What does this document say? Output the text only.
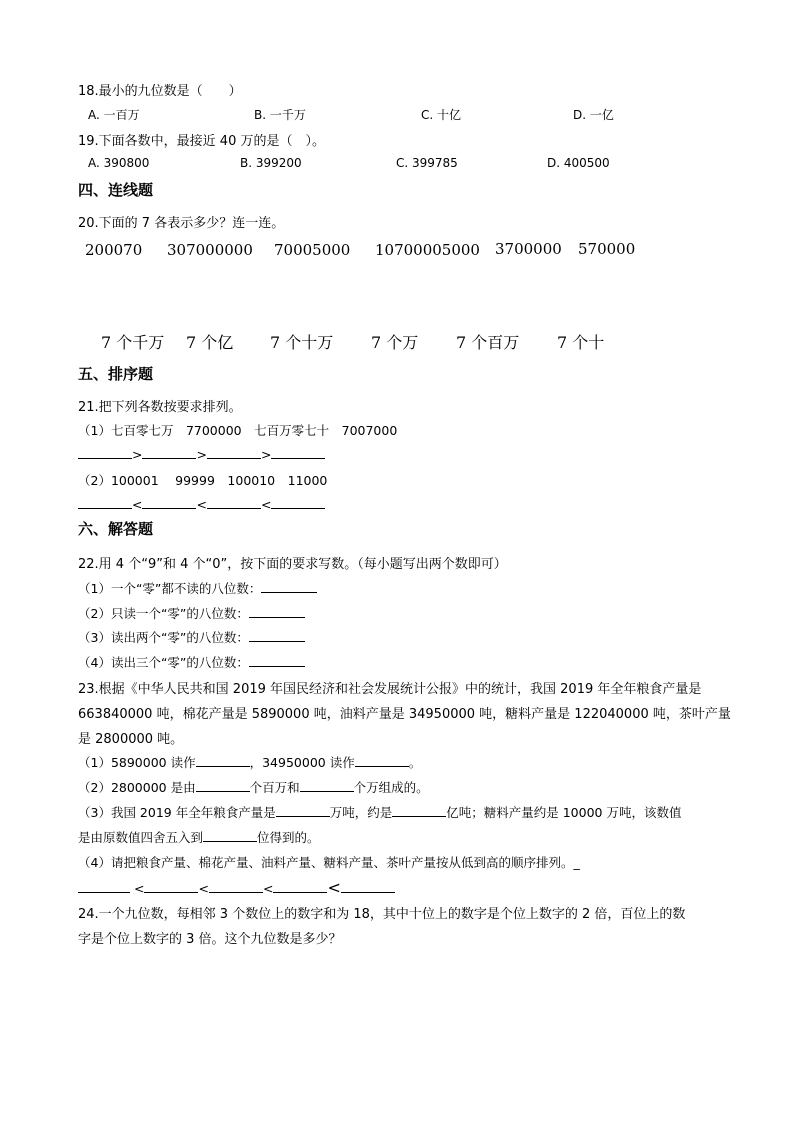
18.最小的九位数是（　　）
A. 一百万	B. 一千万	C. 十亿	D. 一亿
19.下面各数中，最接近 40 万的是（　）。
A. 390800	B. 399200	C. 399785	D. 400500
四、连线题
20.下面的 7 各表示多少？连一连。
200070 307000000 70005000 10700005000 3700000 570000
7 个千万 7 个亿 7 个十万 7 个万 7 个百万 7 个十
五、排序题
21.把下列各数按要求排列。
（1）七百零七万　7700000　七百万零七十　7007000
>	>	>
（2）100001　 99999　100010　11000
<	<	<
六、解答题
22.用 4 个“9”和 4 个“0”，按下面的要求写数。（每小题写出两个数即可）
（1）一个“零”都不读的八位数：
（2）只读一个“零”的八位数：
（3）读出两个“零”的八位数：
（4）读出三个“零”的八位数：
23.根据《中华人民共和国 2019 年国民经济和社会发展统计公报》中的统计，我国 2019 年全年粮食产量是
663840000 吨，棉花产量是 5890000 吨，油料产量是 34950000 吨，糖料产量是 122040000 吨，茶叶产量
是 2800000 吨。
（1）5890000 读作	，34950000 读作	。
（2）2800000 是由	个百万和	个万组成的。
（3）我国 2019 年全年粮食产量是	万吨，约是	亿吨；糖料产量约是 10000 万吨，该数值
是由原数值四舍五入到	位得到的。
（4）请把粮食产量、棉花产量、油料产量、糖料产量、茶叶产量按从低到高的顺序排列。_
<	<	<	<
24.一个九位数，每相邻 3 个数位上的数字和为 18，其中十位上的数字是个位上数字的 2 倍，百位上的数
字是个位上数字的 3 倍。这个九位数是多少？
